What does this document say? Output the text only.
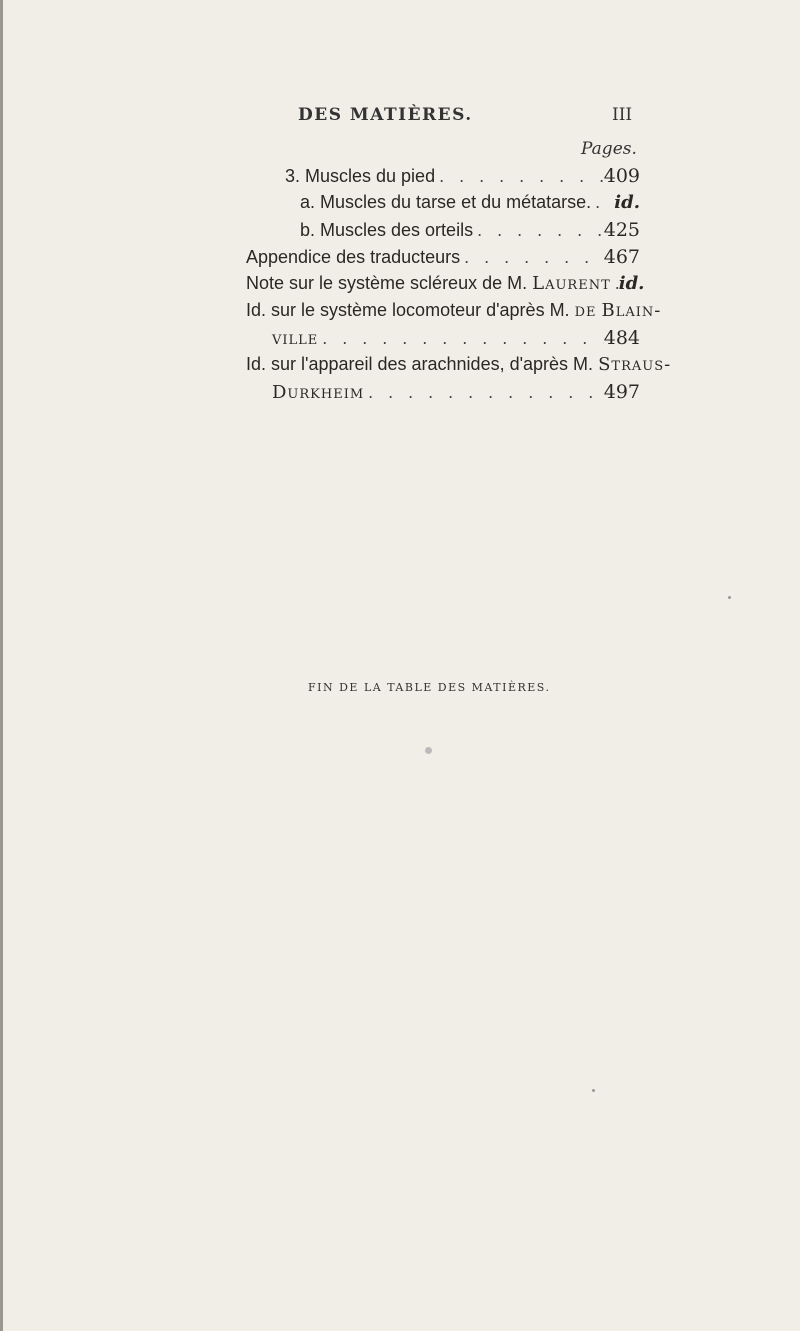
DES MATIÈRES.	III
Pages.
3. Muscles du pied . . .	409
a. Muscles du tarse et du métatarse. . . . id.
b. Muscles des orteils . . .	425
Appendice des traducteurs . . .	467
Note sur le système scléreux de M. Laurent . . . id.
Id. sur le système locomoteur d'après M. de Blain-
ville . . .	484
Id. sur l'appareil des arachnides, d'après M. Straus-
Durkheim . . .	497
FIN DE LA TABLE DES MATIÈRES.
